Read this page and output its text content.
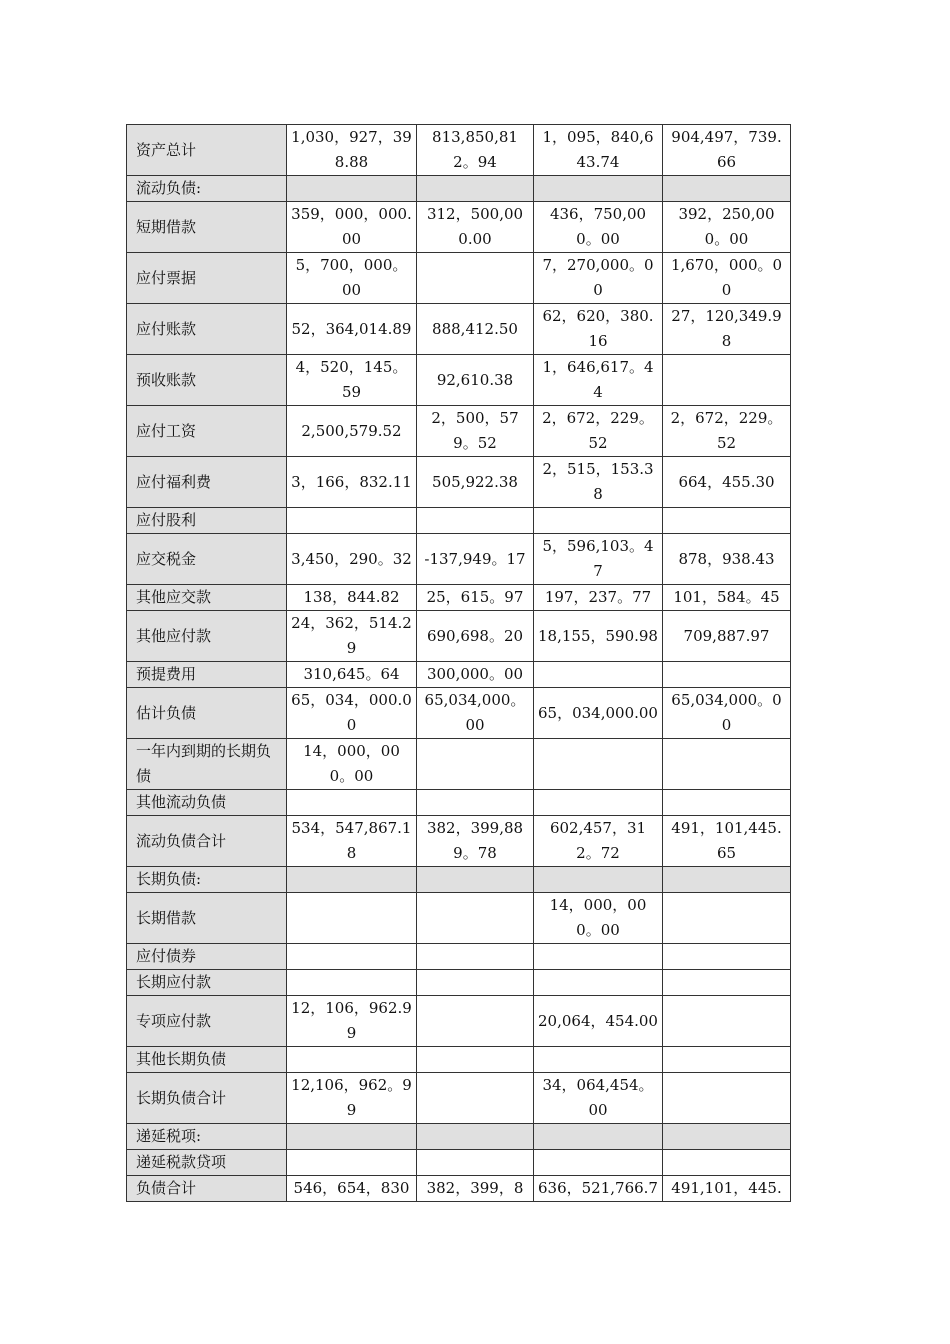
资产总计	1,030，927，398.88	813,850,812。94	1，095，840,643.74	904,497，739.66
流动负债:				
短期借款	359，000，000.00	312，500,000.00	436，750,000。00	392，250,000。00
应付票据	5，700，000。00		7，270,000。00	1,670，000。00
应付账款	52，364,014.89	888,412.50	62，620，380.16	27，120,349.98
预收账款	4，520，145。59	92,610.38	1，646,617。44	
应付工资	2,500,579.52	2，500，579。52	2，672，229。52	2，672，229。52
应付福利费	3，166，832.11	505,922.38	2，515，153.38	664，455.30
应付股利				
应交税金	3,450，290。32	-137,949。17	5，596,103。47	878，938.43
其他应交款	138，844.82	25，615。97	197，237。77	101，584。45
其他应付款	24，362，514.29	690,698。20	18,155，590.98	709,887.97
预提费用	310,645。64	300,000。00		
估计负债	65，034，000.00	65,034,000。00	65，034,000.00	65,034,000。00
一年内到期的长期负债	14，000，000。00			
其他流动负债				
流动负债合计	534，547,867.18	382，399,889。78	602,457，312。72	491，101,445.65
长期负债:				
长期借款			14，000，000。00	
应付债券				
长期应付款				
专项应付款	12，106，962.99		20,064，454.00	
其他长期负债				
长期负债合计	12,106，962。99		34，064,454。00	
递延税项:				
递延税款贷项				
负债合计	546，654，830	382，399，8	636，521,766.7	491,101，445.
